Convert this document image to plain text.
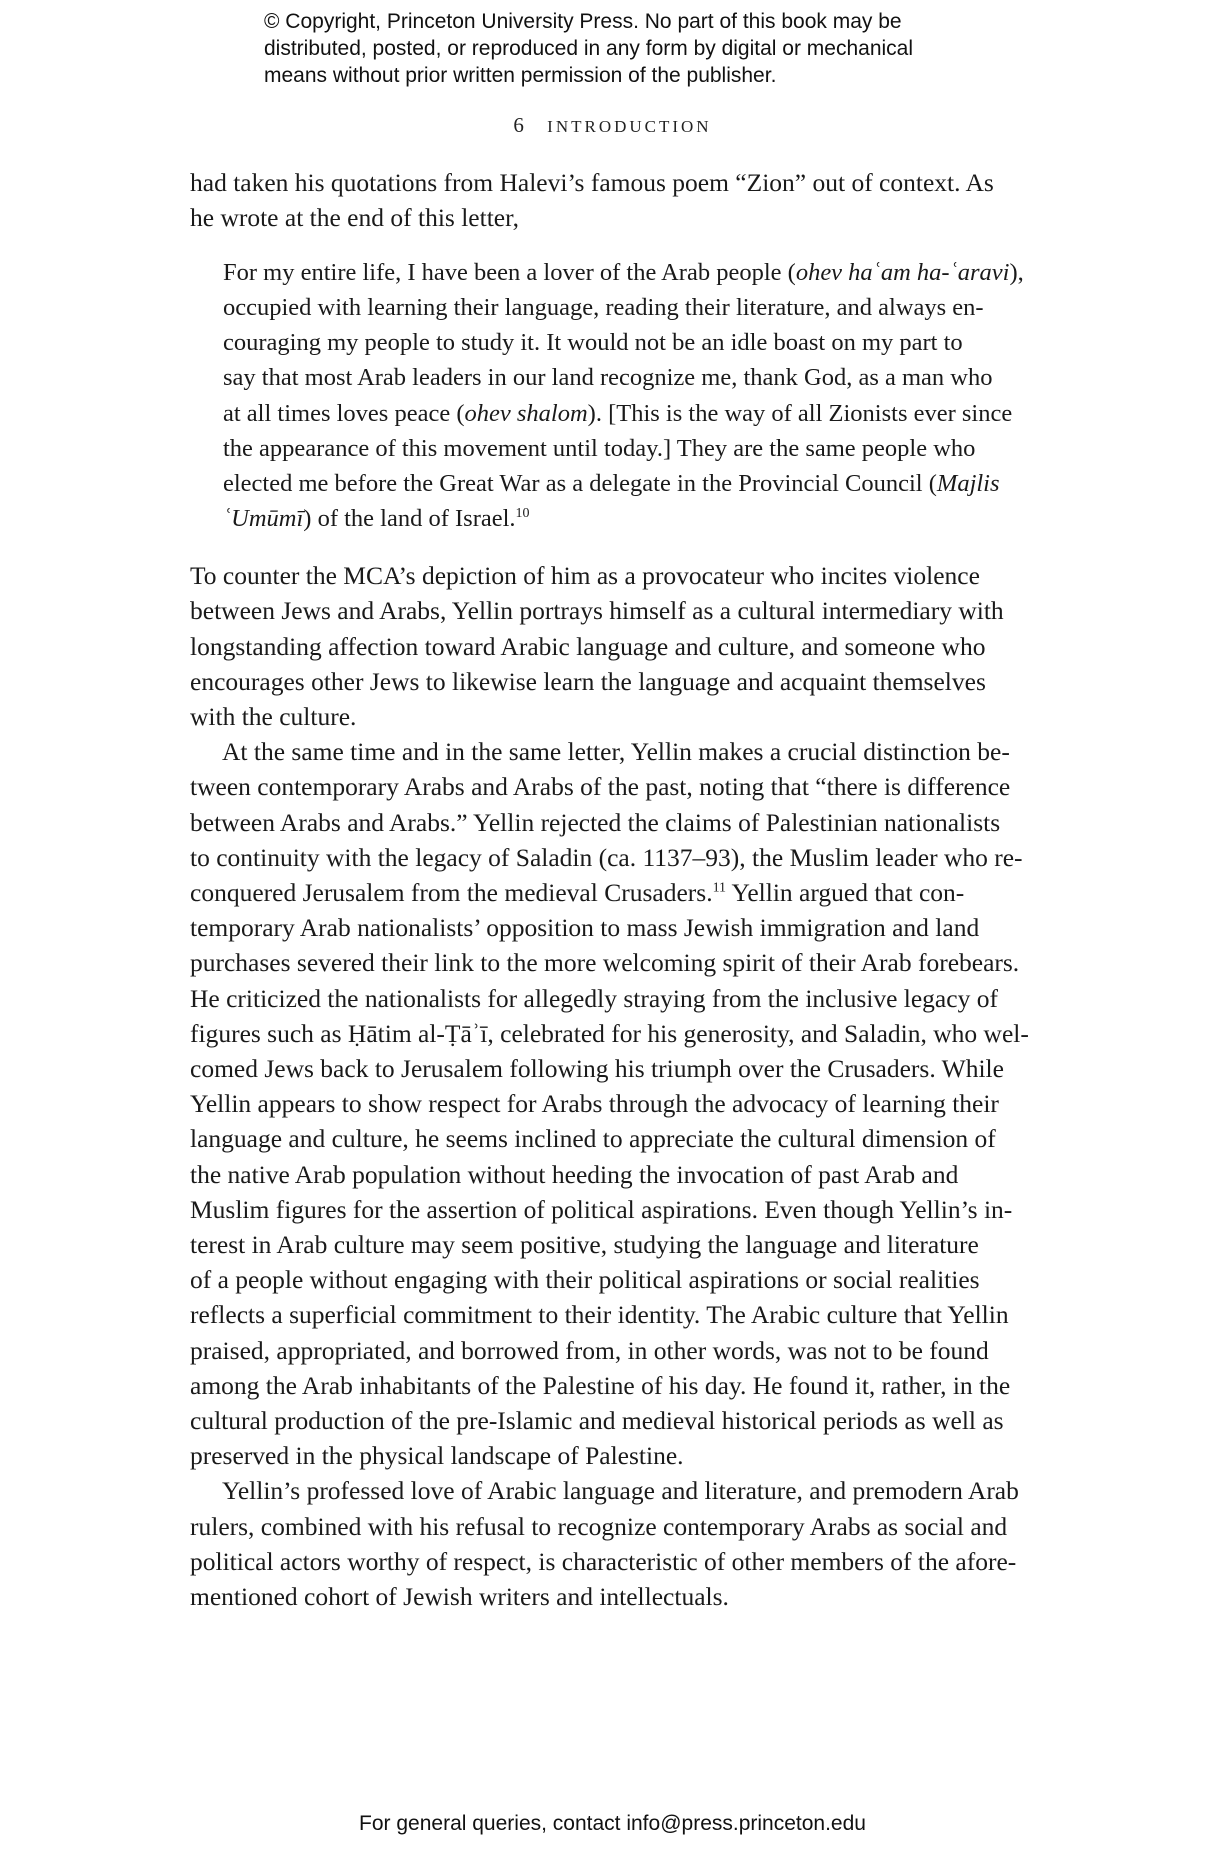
© Copyright, Princeton University Press. No part of this book may be
distributed, posted, or reproduced in any form by digital or mechanical
means without prior written permission of the publisher.
6 introduction
had taken his quotations from Halevi’s famous poem “Zion” out of context. As
he wrote at the end of this letter,
For my entire life, I have been a lover of the Arab people (ohev haʿam ha-ʿaravi),
occupied with learning their language, reading their literature, and always en-
couraging my people to study it. It would not be an idle boast on my part to
say that most Arab leaders in our land recognize me, thank God, as a man who
at all times loves peace (ohev shalom). [This is the way of all Zionists ever since
the appearance of this movement until today.] They are the same people who
elected me before the Great War as a delegate in the Provincial Council (Majlis
ʿUmūmī) of the land of Israel.$^{10}$
To counter the MCA’s depiction of him as a provocateur who incites violence
between Jews and Arabs, Yellin portrays himself as a cultural intermediary with
longstanding affection toward Arabic language and culture, and someone who
encourages other Jews to likewise learn the language and acquaint themselves
with the culture.
At the same time and in the same letter, Yellin makes a crucial distinction be-
tween contemporary Arabs and Arabs of the past, noting that “there is difference
between Arabs and Arabs.” Yellin rejected the claims of Palestinian nationalists
to continuity with the legacy of Saladin (ca. 1137–93), the Muslim leader who re-
conquered Jerusalem from the medieval Crusaders.$^{11}$ Yellin argued that con-
temporary Arab nationalists’ opposition to mass Jewish immigration and land
purchases severed their link to the more welcoming spirit of their Arab forebears.
He criticized the nationalists for allegedly straying from the inclusive legacy of
figures such as Ḥātim al-Ṭāʾī, celebrated for his generosity, and Saladin, who wel-
comed Jews back to Jerusalem following his triumph over the Crusaders. While
Yellin appears to show respect for Arabs through the advocacy of learning their
language and culture, he seems inclined to appreciate the cultural dimension of
the native Arab population without heeding the invocation of past Arab and
Muslim figures for the assertion of political aspirations. Even though Yellin’s in-
terest in Arab culture may seem positive, studying the language and literature
of a people without engaging with their political aspirations or social realities
reflects a superficial commitment to their identity. The Arabic culture that Yellin
praised, appropriated, and borrowed from, in other words, was not to be found
among the Arab inhabitants of the Palestine of his day. He found it, rather, in the
cultural production of the pre-Islamic and medieval historical periods as well as
preserved in the physical landscape of Palestine.
Yellin’s professed love of Arabic language and literature, and premodern Arab
rulers, combined with his refusal to recognize contemporary Arabs as social and
political actors worthy of respect, is characteristic of other members of the afore-
mentioned cohort of Jewish writers and intellectuals.
For general queries, contact info@press.princeton.edu
